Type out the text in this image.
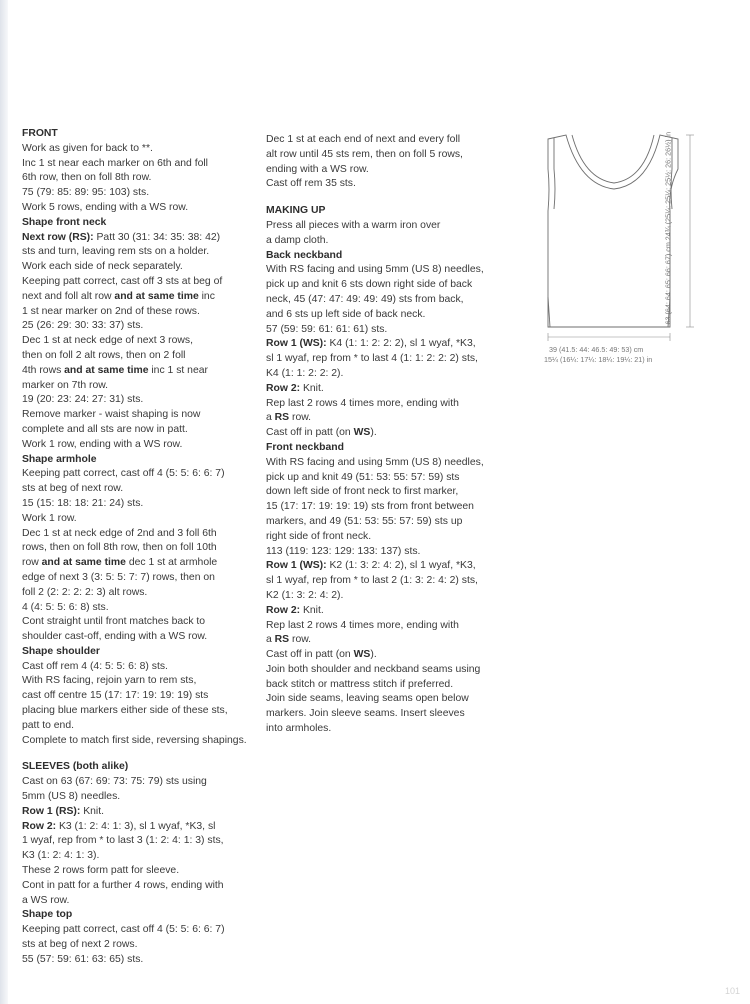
FRONT

Work as given for back to **.

Inc 1 st near each marker on 6th and foll

6th row, then on foll 8th row.

75 (79: 85: 89: 95: 103) sts.

Work 5 rows, ending with a WS row.

Shape front neck

Next row (RS): Patt 30 (31: 34: 35: 38: 42)

sts and turn, leaving rem sts on a holder.

Work each side of neck separately.

Keeping patt correct, cast off 3 sts at beg of

next and foll alt row and at same time inc

1 st near marker on 2nd of these rows.

25 (26: 29: 30: 33: 37) sts.

Dec 1 st at neck edge of next 3 rows,

then on foll 2 alt rows, then on 2 foll

4th rows and at same time inc 1 st near

marker on 7th row.

19 (20: 23: 24: 27: 31) sts.

Remove marker - waist shaping is now

complete and all sts are now in patt.

Work 1 row, ending with a WS row.

Shape armhole

Keeping patt correct, cast off 4 (5: 5: 6: 6: 7)

sts at beg of next row.

15 (15: 18: 18: 21: 24) sts.

Work 1 row.

Dec 1 st at neck edge of 2nd and 3 foll 6th

rows, then on foll 8th row, then on foll 10th

row and at same time dec 1 st at armhole

edge of next 3 (3: 5: 5: 7: 7) rows, then on

foll 2 (2: 2: 2: 2: 3) alt rows.

4 (4: 5: 5: 6: 8) sts.

Cont straight until front matches back to

shoulder cast-off, ending with a WS row.

Shape shoulder

Cast off rem 4 (4: 5: 5: 6: 8) sts.

With RS facing, rejoin yarn to rem sts,

cast off centre 15 (17: 17: 19: 19: 19) sts

placing blue markers either side of these sts,

patt to end.

Complete to match first side, reversing shapings.

SLEEVES (both alike)

Cast on 63 (67: 69: 73: 75: 79) sts using

5mm (US 8) needles.

Row 1 (RS): Knit.

Row 2: K3 (1: 2: 4: 1: 3), sl 1 wyaf, *K3, sl

1 wyaf, rep from * to last 3 (1: 2: 4: 1: 3) sts,

K3 (1: 2: 4: 1: 3).

These 2 rows form patt for sleeve.

Cont in patt for a further 4 rows, ending with

a WS row.

Shape top

Keeping patt correct, cast off 4 (5: 5: 6: 6: 7)

sts at beg of next 2 rows.

55 (57: 59: 61: 63: 65) sts.

Dec 1 st at each end of next and every foll

alt row until 45 sts rem, then on foll 5 rows,

ending with a WS row.

Cast off rem 35 sts.

MAKING UP

Press all pieces with a warm iron over

a damp cloth.

Back neckband

With RS facing and using 5mm (US 8) needles,

pick up and knit 6 sts down right side of back

neck, 45 (47: 47: 49: 49: 49) sts from back,

and 6 sts up left side of back neck.

57 (59: 59: 61: 61: 61) sts.

Row 1 (WS): K4 (1: 1: 2: 2: 2), sl 1 wyaf, *K3,

sl 1 wyaf, rep from * to last 4 (1: 1: 2: 2: 2) sts,

K4 (1: 1: 2: 2: 2).

Row 2: Knit.

Rep last 2 rows 4 times more, ending with

a RS row.

Cast off in patt (on WS).

Front neckband

With RS facing and using 5mm (US 8) needles,

pick up and knit 49 (51: 53: 55: 57: 59) sts

down left side of front neck to first marker,

15 (17: 17: 19: 19: 19) sts from front between

markers, and 49 (51: 53: 55: 57: 59) sts up

right side of front neck.

113 (119: 123: 129: 133: 137) sts.

Row 1 (WS): K2 (1: 3: 2: 4: 2), sl 1 wyaf, *K3,

sl 1 wyaf, rep from * to last 2 (1: 3: 2: 4: 2) sts,

K2 (1: 3: 2: 4: 2).

Row 2: Knit.

Rep last 2 rows 4 times more, ending with

a RS row.

Cast off in patt (on WS).

Join both shoulder and neckband seams using

back stitch or mattress stitch if preferred.

Join side seams, leaving seams open below

markers. Join sleeve seams. Insert sleeves

into armholes.

39 (41.5: 44: 46.5: 49: 53) cm
15¼ (16¼: 17¼: 18¼: 19¼: 21) in
63 (64: 64: 65: 66: 67) cm 24¾ (25¼: 25¼: 25½: 26: 26½) in
101
